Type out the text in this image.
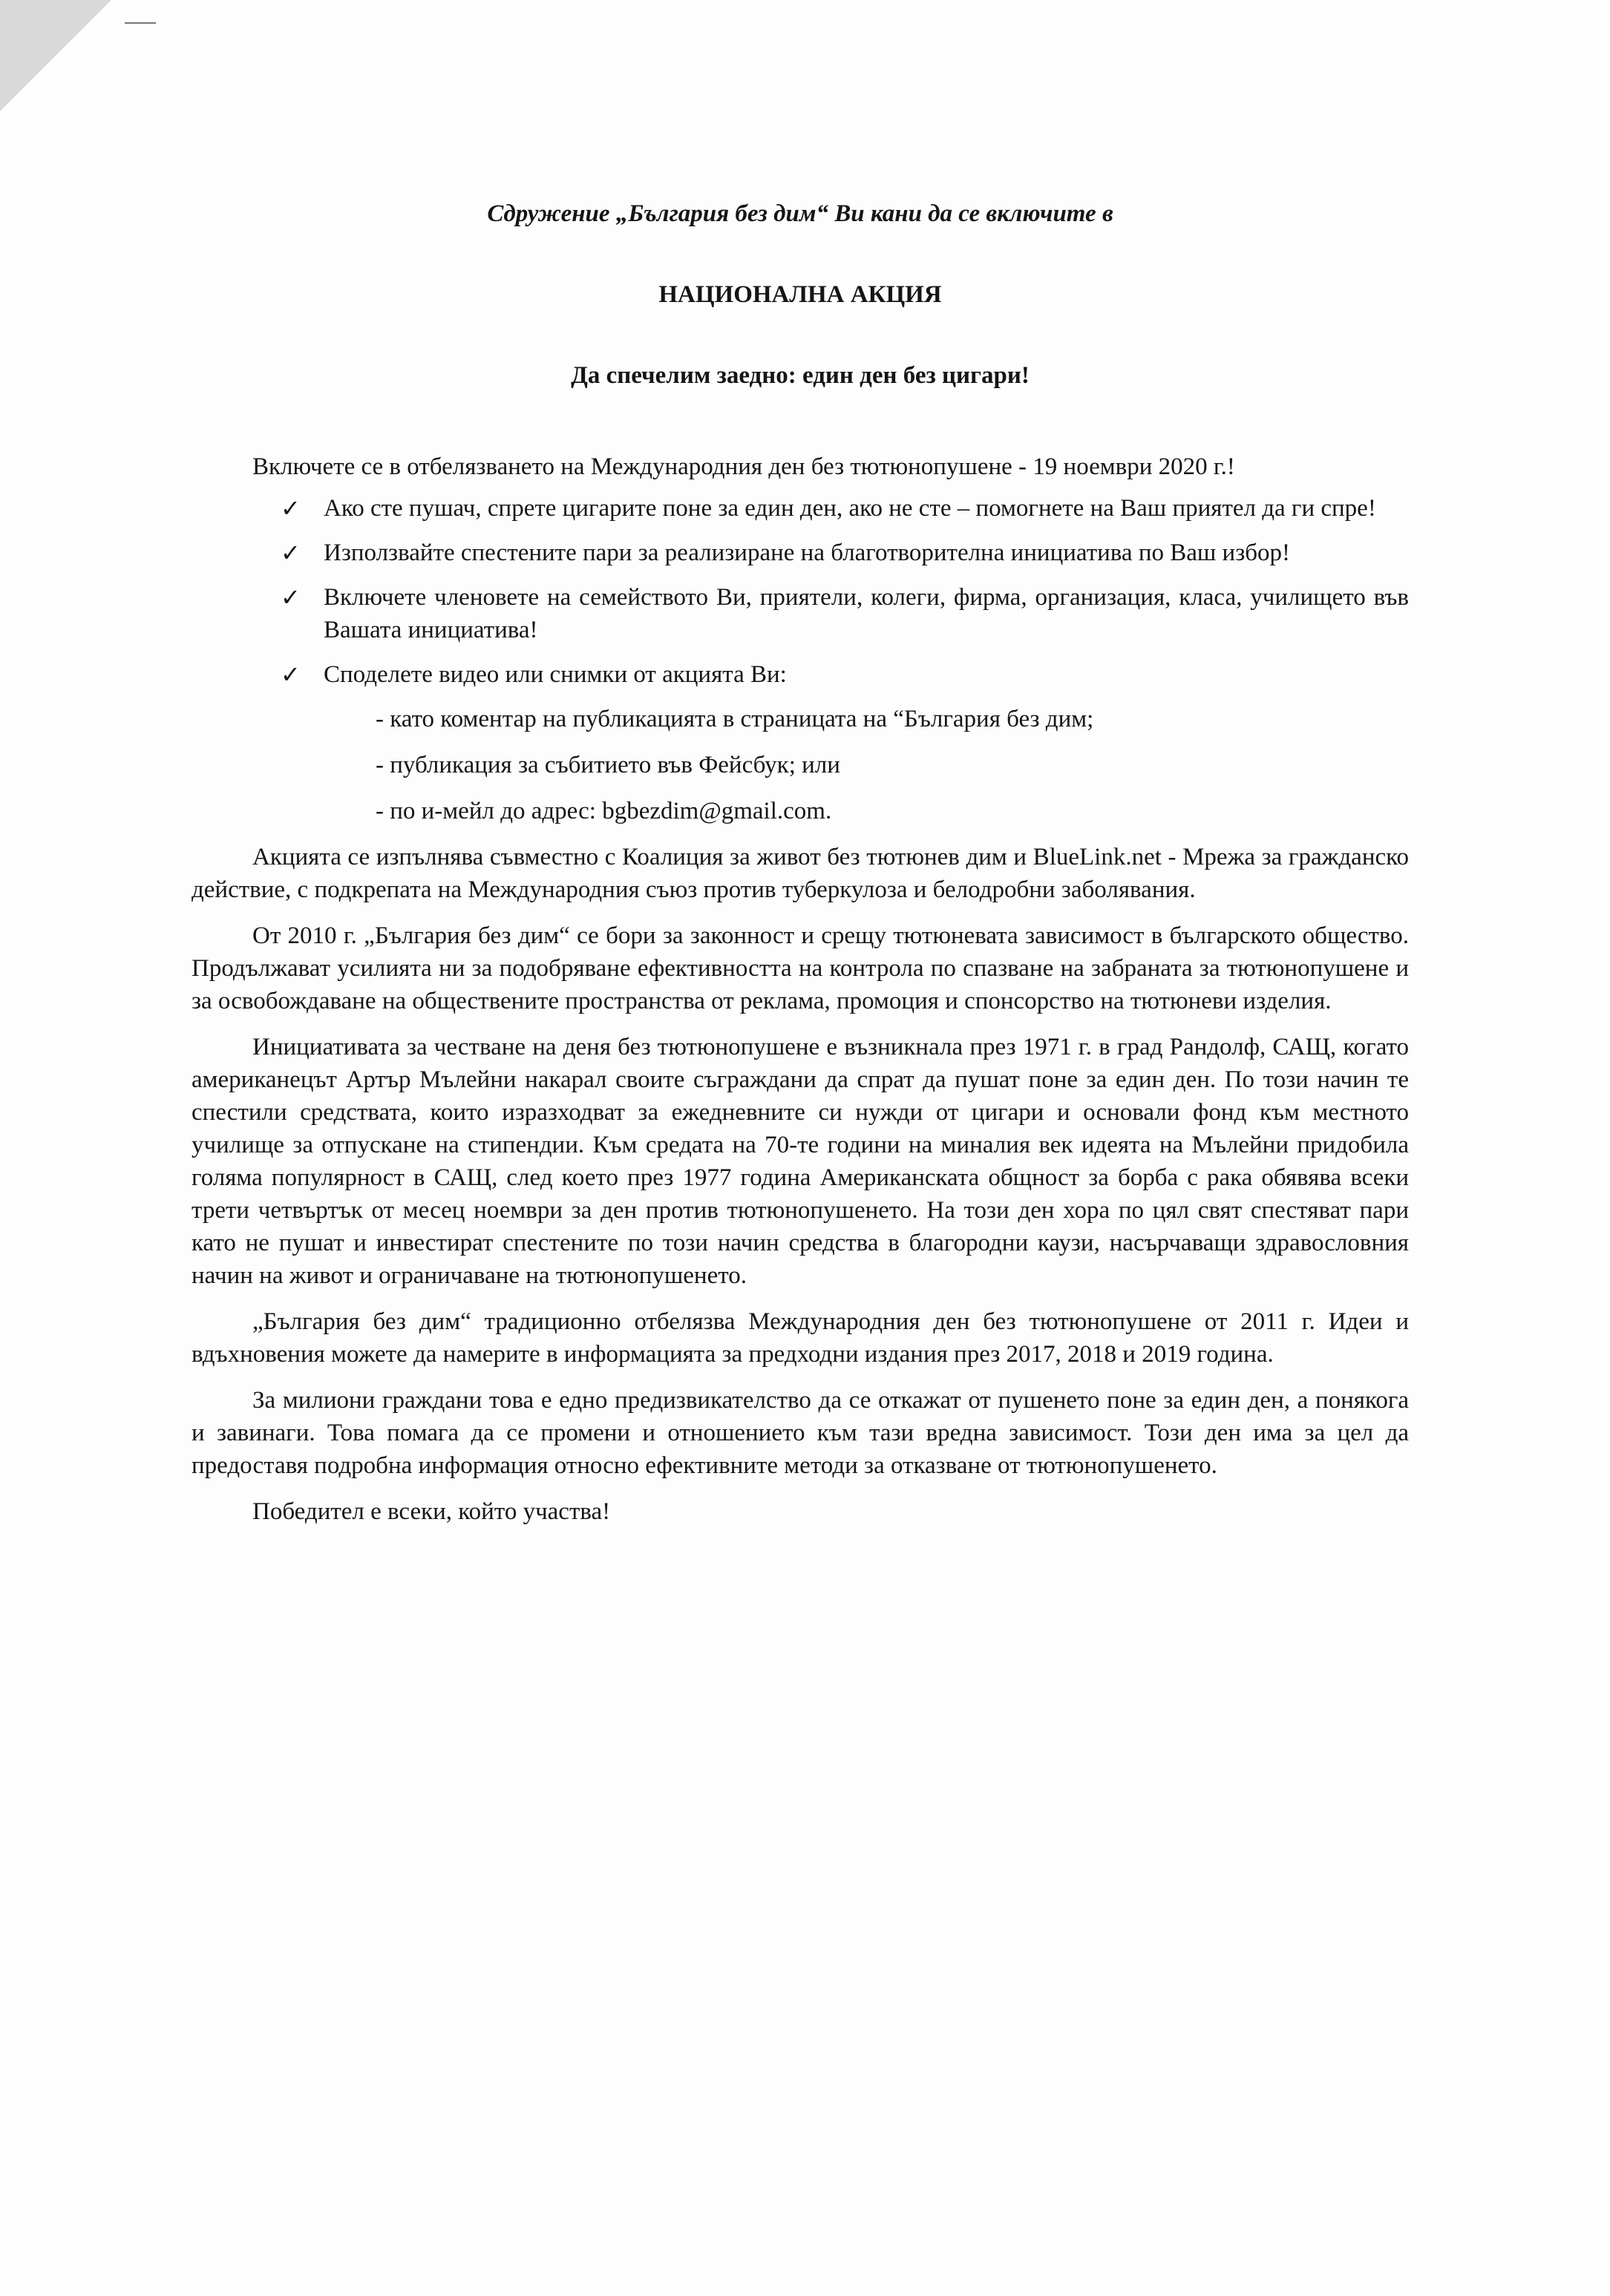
Сдружение „България без дим“ Ви кани да се включите в
НАЦИОНАЛНА АКЦИЯ
Да спечелим заедно: един ден без цигари!

Включете се в отбелязването на Международния ден без тютюнопушене - 19 ноември 2020 г.!

✓ Ако сте пушач, спрете цигарите поне за един ден, ако не сте – помогнете на Ваш приятел да ги спре!
✓ Използвайте спестените пари за реализиране на благотворителна инициатива по Ваш избор!
✓ Включете членовете на семейството Ви, приятели, колеги, фирма, организация, класа, училището във Вашата инициатива!
✓ Споделете видео или снимки от акцията Ви:
- като коментар на публикацията в страницата на “България без дим;
- публикация за събитието във Фейсбук; или
- по и-мейл до адрес: bgbezdim@gmail.com.

Акцията се изпълнява съвместно с Коалиция за живот без тютюнев дим и BlueLink.net - Мрежа за гражданско действие, с подкрепата на Международния съюз против туберкулоза и белодробни заболявания.

От 2010 г. „България без дим“ се бори за законност и срещу тютюневата зависимост в българското общество. Продължават усилията ни за подобряване ефективността на контрола по спазване на забраната за тютюнопушене и за освобождаване на обществените пространства от реклама, промоция и спонсорство на тютюневи изделия.

Инициативата за честване на деня без тютюнопушене е възникнала през 1971 г. в град Рандолф, САЩ, когато американецът Артър Мълейни накарал своите съграждани да спрат да пушат поне за един ден. По този начин те спестили средствата, които изразходват за ежедневните си нужди от цигари и основали фонд към местното училище за отпускане на стипендии. Към средата на 70-те години на миналия век идеята на Мълейни придобила голяма популярност в САЩ, след което през 1977 година Американската общност за борба с рака обявява всеки трети четвъртък от месец ноември за ден против тютюнопушенето. На този ден хора по цял свят спестяват пари като не пушат и инвестират спестените по този начин средства в благородни каузи, насърчаващи здравословния начин на живот и ограничаване на тютюнопушенето.

„България без дим“ традиционно отбелязва Международния ден без тютюнопушене от 2011 г. Идеи и вдъхновения можете да намерите в информацията за предходни издания през 2017, 2018 и 2019 година.

За милиони граждани това е едно предизвикателство да се откажат от пушенето поне за един ден, а понякога и завинаги. Това помага да се промени и отношението към тази вредна зависимост. Този ден има за цел да предоставя подробна информация относно ефективните методи за отказване от тютюнопушенето.

Победител е всеки, който участва!
